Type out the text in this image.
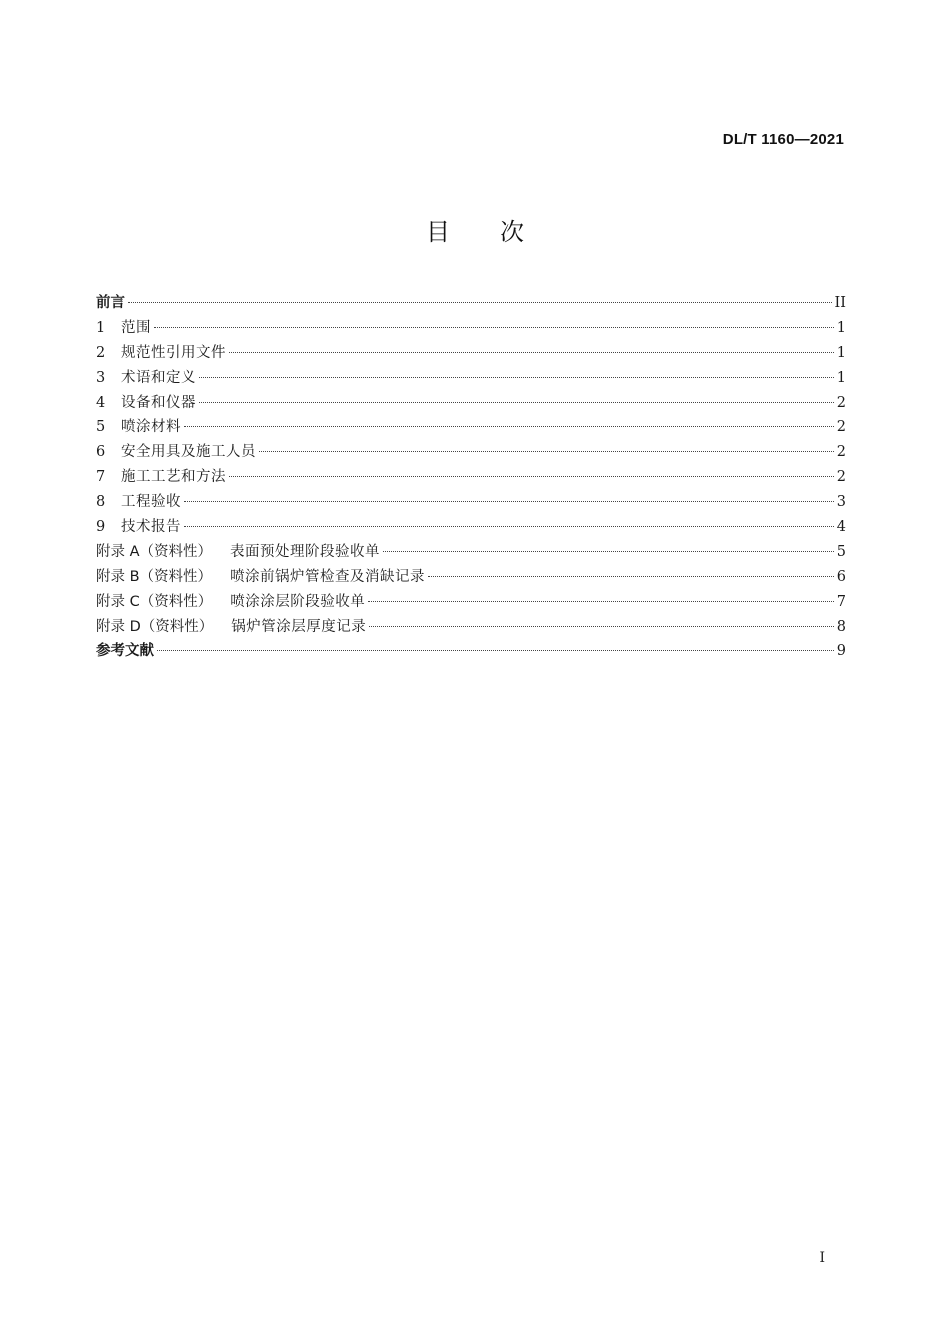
DL/T 1160—2021
目 次
前言	II
1	范围	1
2	规范性引用文件	1
3	术语和定义	1
4	设备和仪器	2
5	喷涂材料	2
6	安全用具及施工人员	2
7	施工工艺和方法	2
8	工程验收	3
9	技术报告	4
附录 A（资料性） 表面预处理阶段验收单	5
附录 B（资料性） 喷涂前锅炉管检查及消缺记录	6
附录 C（资料性） 喷涂涂层阶段验收单	7
附录 D（资料性） 锅炉管涂层厚度记录	8
参考文献	9
I
